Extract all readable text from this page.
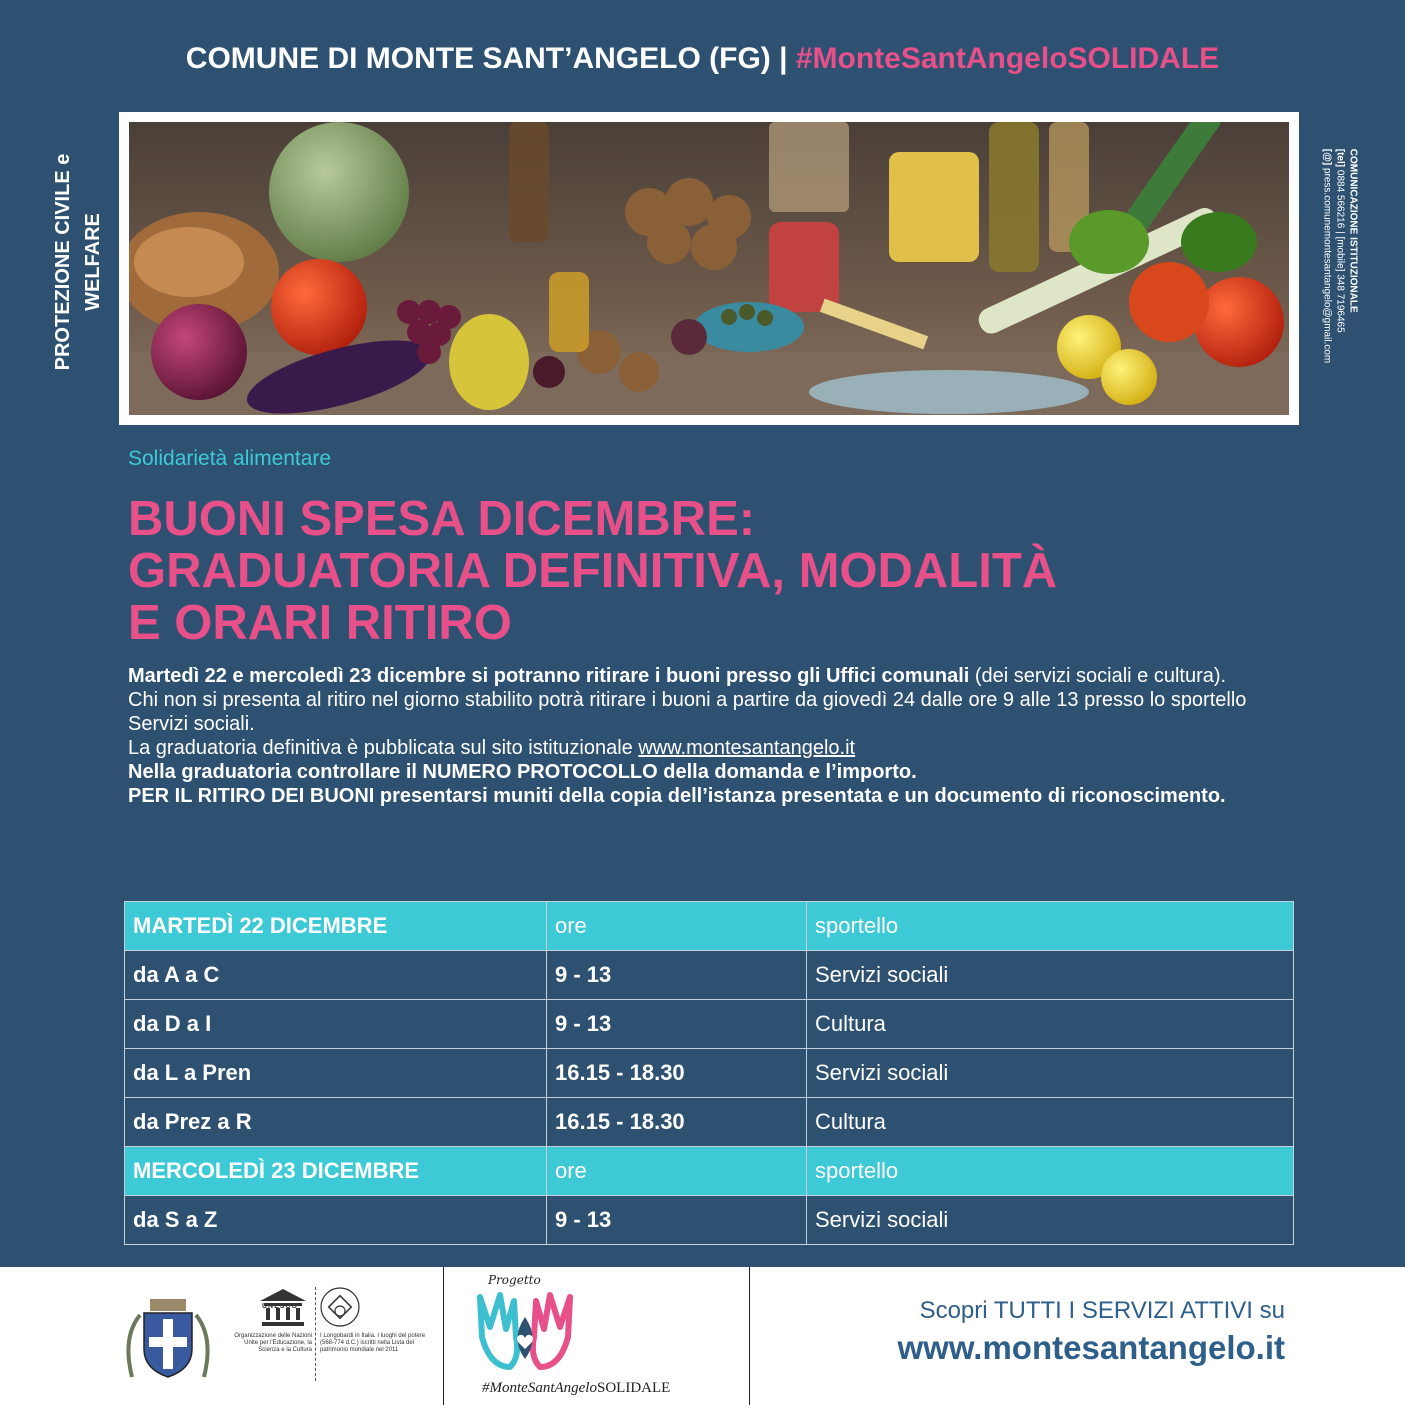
COMUNE DI MONTE SANT’ANGELO (FG) | #MonteSantAngeloSOLIDALE
PROTEZIONE CIVILE e WELFARE	COMUNICAZIONE ISTITUZIONALE
[tel] 0884 566216 | [mobile] 348 7196465
[@] press.comunemontesantangelo@gmail.com
Solidarietà alimentare
BUONI SPESA DICEMBRE:
GRADUATORIA DEFINITIVA, MODALITÀ
E ORARI RITIRO

Martedì 22 e mercoledì 23 dicembre si potranno ritirare i buoni presso gli Uffici comunali (dei servizi sociali e cultura).

Chi non si presenta al ritiro nel giorno stabilito potrà ritirare i buoni a partire da giovedì 24 dalle ore 9 alle 13 presso lo sportello Servizi sociali.

La graduatoria definitiva è pubblicata sul sito istituzionale www.montesantangelo.it

Nella graduatoria controllare il NUMERO PROTOCOLLO della domanda e l’importo.

PER IL RITIRO DEI BUONI presentarsi muniti della copia dell’istanza presentata e un documento di riconoscimento.

MARTEDÌ 22 DICEMBRE	ore	sportello
da A a C	9 - 13	Servizi sociali
da D a I	9 - 13	Cultura
da L a Pren	16.15 - 18.30	Servizi sociali
da Prez a R	16.15 - 18.30	Cultura
MERCOLEDÌ 23 DICEMBRE	ore	sportello
da S a Z	9 - 13	Servizi sociali
UNESCO
Organizzazione delle Nazioni Unite per l'Educazione, la Scienza e la Cultura
I Longobardi in Italia. I luoghi del potere (568-774 d.C.) iscritti nella Lista del patrimonio mondiale nel 2011
Progetto
#MonteSantAngeloSOLIDALE
Scopri TUTTI I SERVIZI ATTIVI su
www.montesantangelo.it
